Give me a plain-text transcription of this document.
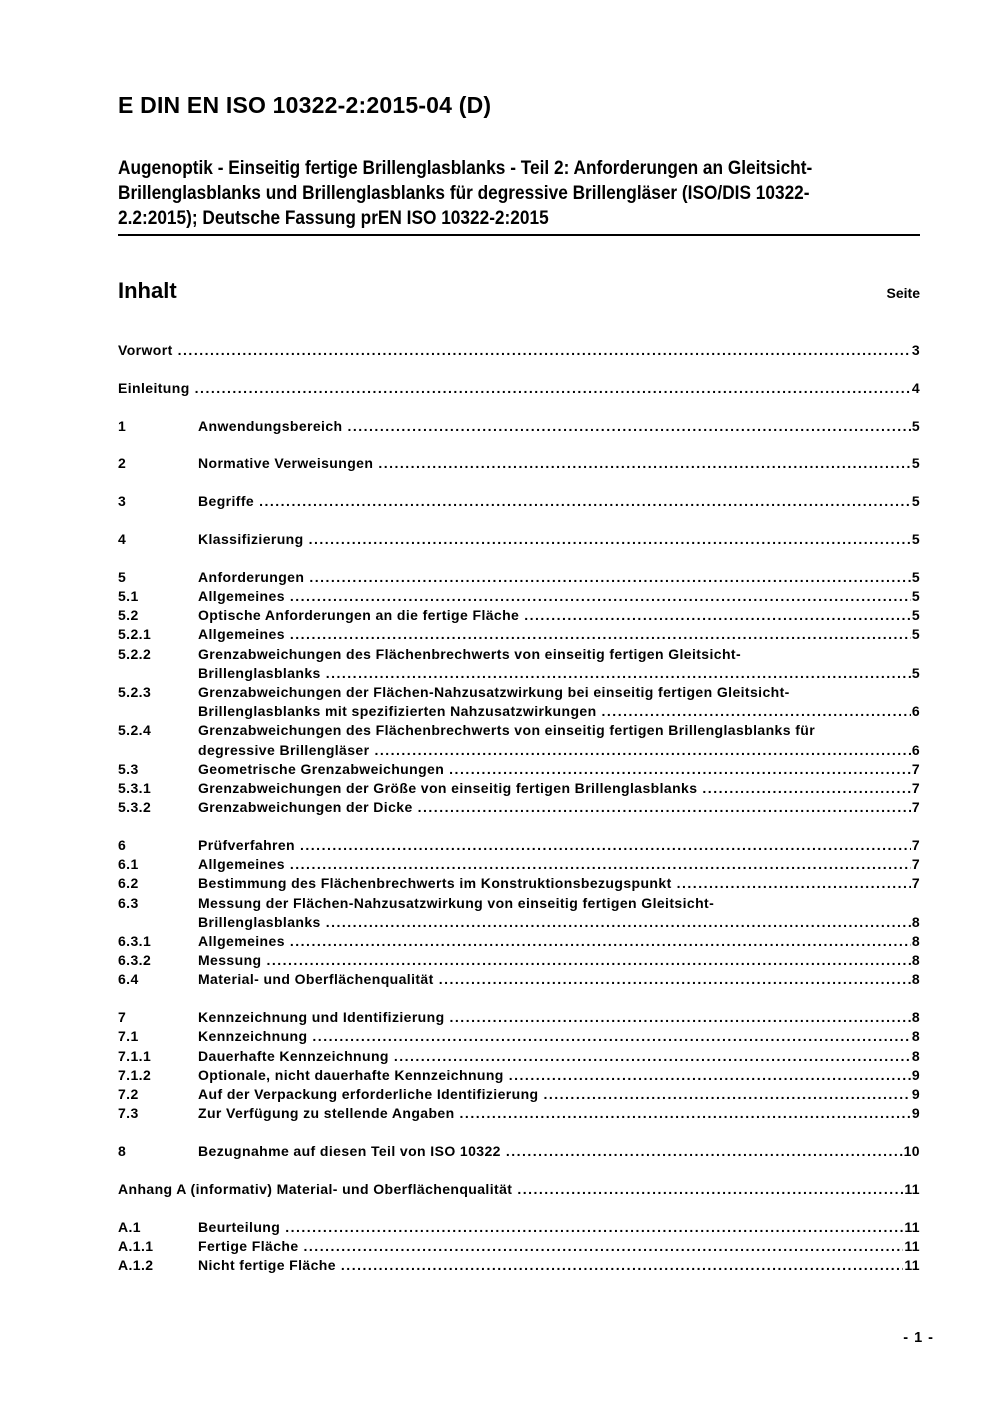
E DIN EN ISO 10322-2:2015-04 (D)
Augenoptik - Einseitig fertige Brillenglasblanks - Teil 2: Anforderungen an Gleitsicht-
Brillenglasblanks und Brillenglasblanks für degressive Brillengläser (ISO/DIS 10322-
2.2:2015); Deutsche Fassung prEN ISO 10322-2:2015
Inhalt	Seite
Vorwort .....	3
Einleitung .....	4
1	Anwendungsbereich .....	5
2	Normative Verweisungen .....	5
3	Begriffe .....	5
4	Klassifizierung .....	5
5	Anforderungen .....	5
5.1	Allgemeines .....	5
5.2	Optische Anforderungen an die fertige Fläche .....	5
5.2.1	Allgemeines .....	5
5.2.2	Grenzabweichungen des Flächenbrechwerts von einseitig fertigen Gleitsicht-
Brillenglasblanks .....	5
5.2.3	Grenzabweichungen der Flächen-Nahzusatzwirkung bei einseitig fertigen Gleitsicht-
Brillenglasblanks mit spezifizierten Nahzusatzwirkungen .....	6
5.2.4	Grenzabweichungen des Flächenbrechwerts von einseitig fertigen Brillenglasblanks für
degressive Brillengläser .....	6
5.3	Geometrische Grenzabweichungen .....	7
5.3.1	Grenzabweichungen der Größe von einseitig fertigen Brillenglasblanks .....	7
5.3.2	Grenzabweichungen der Dicke .....	7
6	Prüfverfahren .....	7
6.1	Allgemeines .....	7
6.2	Bestimmung des Flächenbrechwerts im Konstruktionsbezugspunkt .....	7
6.3	Messung der Flächen-Nahzusatzwirkung von einseitig fertigen Gleitsicht-
Brillenglasblanks .....	8
6.3.1	Allgemeines .....	8
6.3.2	Messung .....	8
6.4	Material- und Oberflächenqualität .....	8
7	Kennzeichnung und Identifizierung .....	8
7.1	Kennzeichnung .....	8
7.1.1	Dauerhafte Kennzeichnung .....	8
7.1.2	Optionale, nicht dauerhafte Kennzeichnung .....	9
7.2	Auf der Verpackung erforderliche Identifizierung .....	9
7.3	Zur Verfügung zu stellende Angaben .....	9
8	Bezugnahme auf diesen Teil von ISO 10322 .....	10
Anhang A (informativ) Material- und Oberflächenqualität .....	11
A.1	Beurteilung .....	11
A.1.1	Fertige Fläche .....	11
A.1.2	Nicht fertige Fläche .....	11
- 1 -
